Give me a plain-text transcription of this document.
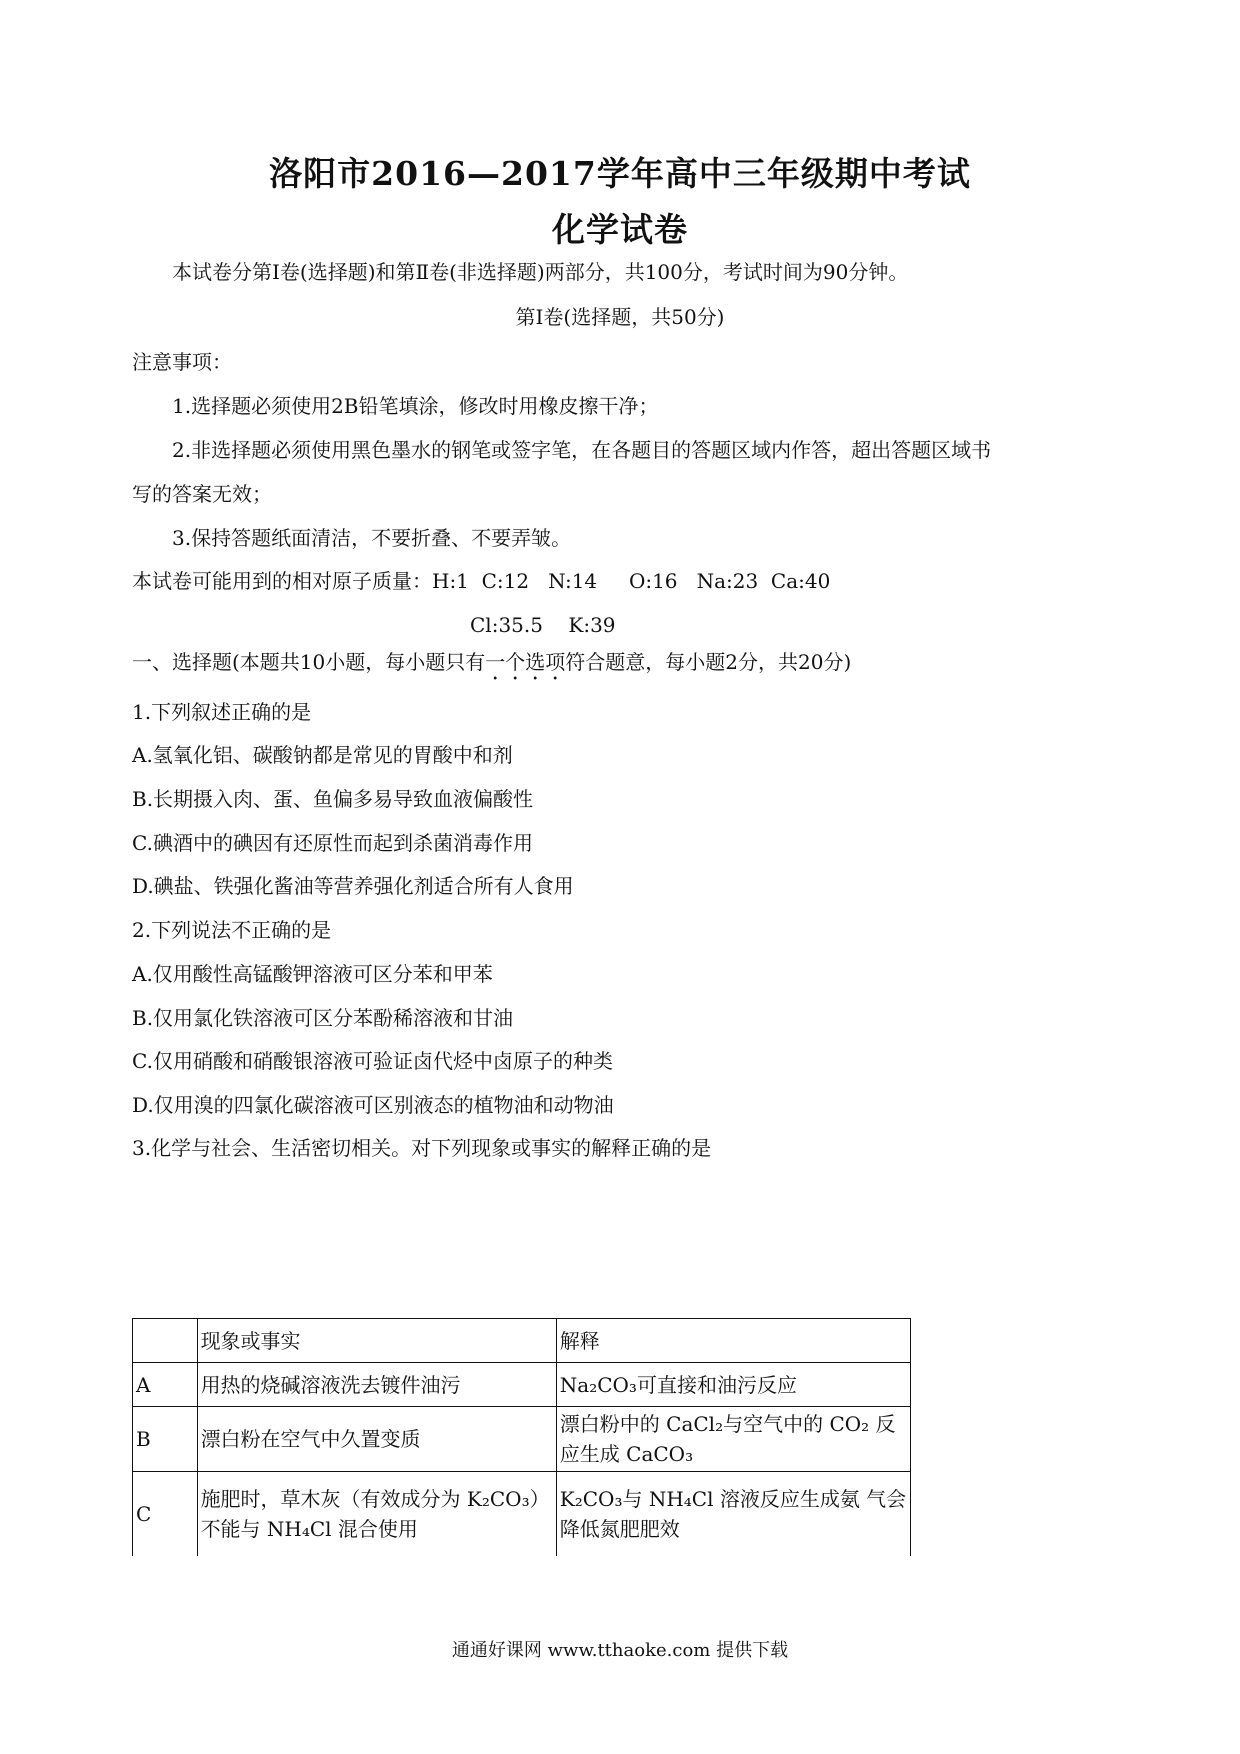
洛阳市2016—2017学年高中三年级期中考试
化学试卷
本试卷分第Ⅰ卷(选择题)和第Ⅱ卷(非选择题)两部分，共100分，考试时间为90分钟。
第Ⅰ卷(选择题，共50分)
注意事项：
1.选择题必须使用2B铅笔填涂，修改时用橡皮擦干净；
2.非选择题必须使用黑色墨水的钢笔或签字笔，在各题目的答题区域内作答，超出答题区域书
写的答案无效；
3.保持答题纸面清洁，不要折叠、不要弄皱。
本试卷可能用到的相对原子质量：H:1  C:12   N:14     O:16   Na:23  Ca:40
Cl:35.5    K:39
一、选择题(本题共10小题，每小题只有一个选项符合题意，每小题2分，共20分)
1.下列叙述正确的是
A.氢氧化铝、碳酸钠都是常见的胃酸中和剂
B.长期摄入肉、蛋、鱼偏多易导致血液偏酸性
C.碘酒中的碘因有还原性而起到杀菌消毒作用
D.碘盐、铁强化酱油等营养强化剂适合所有人食用
2.下列说法不正确的是
A.仅用酸性高锰酸钾溶液可区分苯和甲苯
B.仅用氯化铁溶液可区分苯酚稀溶液和甘油
C.仅用硝酸和硝酸银溶液可验证卤代烃中卤原子的种类
D.仅用溴的四氯化碳溶液可区别液态的植物油和动物油
3.化学与社会、生活密切相关。对下列现象或事实的解释正确的是
	现象或事实	解释
A	用热的烧碱溶液洗去镀件油污	Na₂CO₃可直接和油污反应
B	漂白粉在空气中久置变质	漂白粉中的 CaCl₂与空气中的 CO₂ 反应生成 CaCO₃
C	施肥时，草木灰（有效成分为 K₂CO₃）不能与 NH₄Cl 混合使用	K₂CO₃与 NH₄Cl 溶液反应生成氨 气会降低氮肥肥效
通通好课网 www.tthaoke.com 提供下载
